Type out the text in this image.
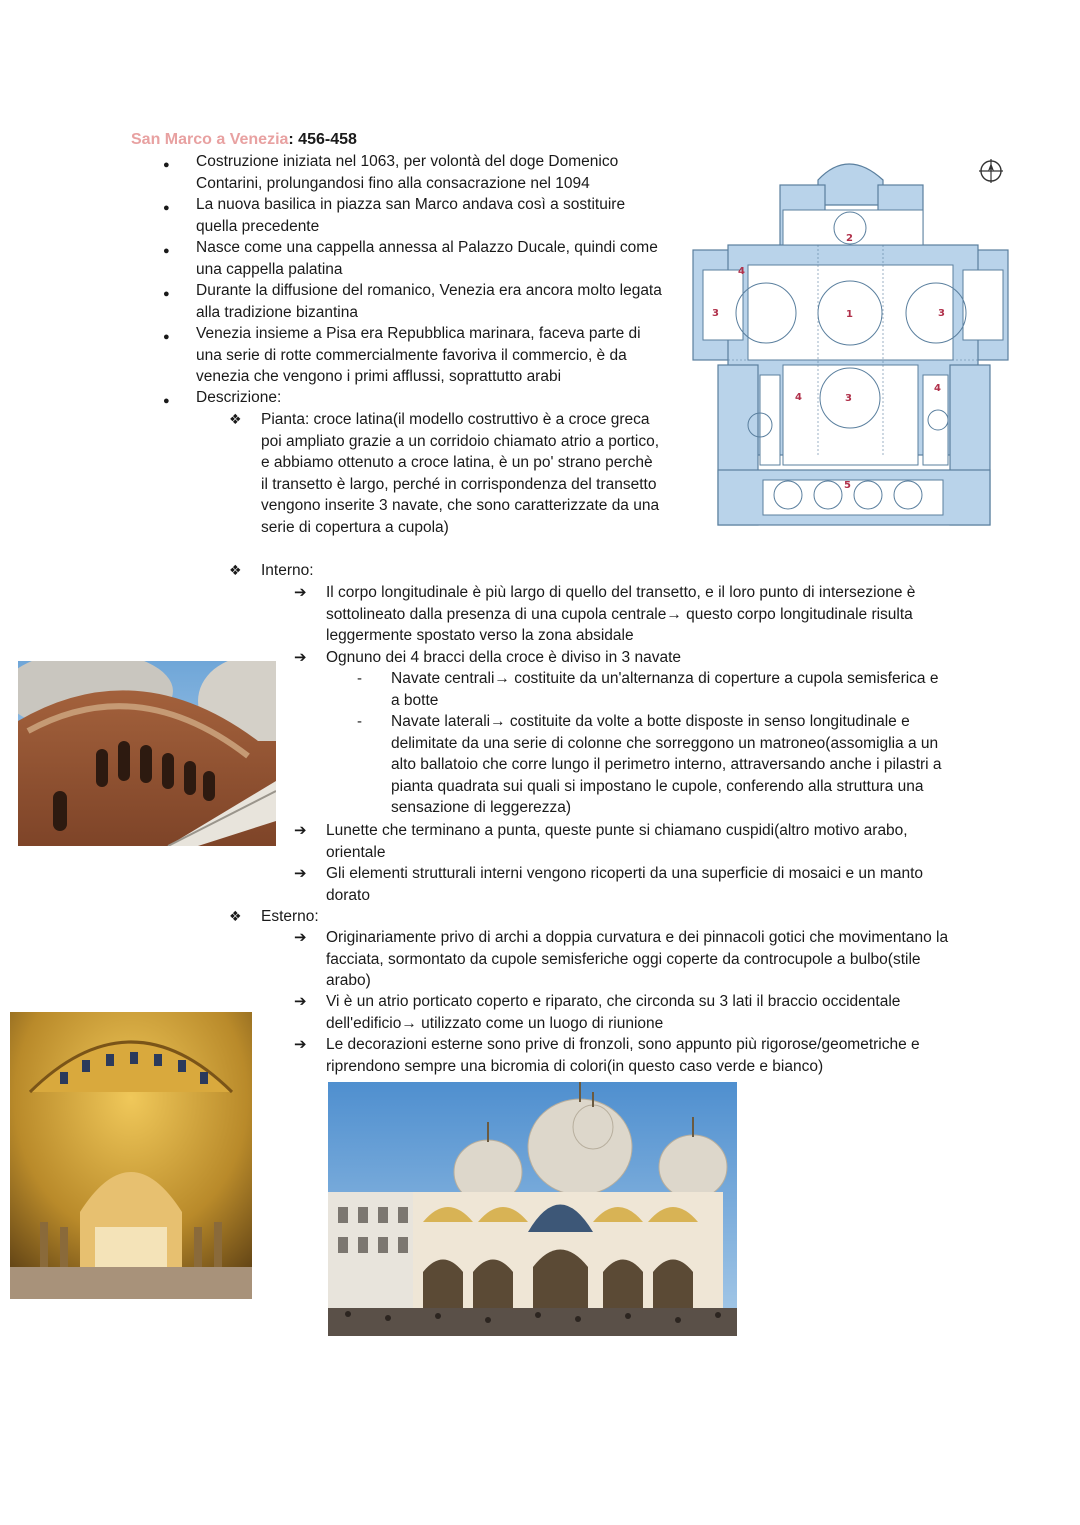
San Marco a Venezia: 456-458
● Costruzione iniziata nel 1063, per volontà del doge Domenico Contarini, prolungandosi fino alla consacrazione nel 1094
● La nuova basilica in piazza san Marco andava così a sostituire quella precedente
● Nasce come una cappella annessa al Palazzo Ducale, quindi come una cappella palatina
● Durante la diffusione del romanico, Venezia era ancora molto legata alla tradizione bizantina
● Venezia insieme a Pisa era Repubblica marinara, faceva parte di una serie di rotte commercialmente favoriva il commercio, è da venezia che vengono i primi afflussi, soprattutto arabi
● Descrizione:
❖ Pianta: croce latina(il modello costruttivo è a croce greca poi ampliato grazie a un corridoio chiamato atrio a portico, e abbiamo ottenuto a croce latina, è un po' strano perchè il transetto è largo, perché in corrispondenza del transetto vengono inserite 3 navate, che sono caratterizzate da una serie di copertura a cupola)
❖ Interno:
➔ Il corpo longitudinale è più largo di quello del transetto, e il loro punto di intersezione è sottolineato dalla presenza di una cupola centrale→ questo corpo longitudinale risulta leggermente spostato verso la zona absidale
➔ Ognuno dei 4 bracci della croce è diviso in 3 navate
- Navate centrali→ costituite da un'alternanza di coperture a cupola semisferica e a botte
- Navate laterali→ costituite da volte a botte disposte in senso longitudinale e delimitate da una serie di colonne che sorreggono un matroneo(assomiglia a un alto ballatoio che corre lungo il perimetro interno, attraversando anche i pilastri a pianta quadrata sui quali si impostano le cupole, conferendo alla struttura una sensazione di leggerezza)
➔ Lunette che terminano a punta, queste punte si chiamano cuspidi(altro motivo arabo, orientale
➔ Gli elementi strutturali interni vengono ricoperti da una superficie di mosaici e un manto dorato
❖ Esterno:
➔ Originariamente privo di archi a doppia curvatura e dei pinnacoli gotici che movimentano la facciata, sormontato da cupole semisferiche oggi coperte da controcupole a bulbo(stile arabo)
➔ Vi è un atrio porticato coperto e riparato, che circonda su 3 lati il braccio occidentale dell'edificio→ utilizzato come un luogo di riunione
➔ Le decorazioni esterne sono prive di fronzoli, sono appunto più rigorose/geometriche e riprendono sempre una bicromia di colori(in questo caso verde e bianco)
2
1
3	3
3
4
4
4
5
